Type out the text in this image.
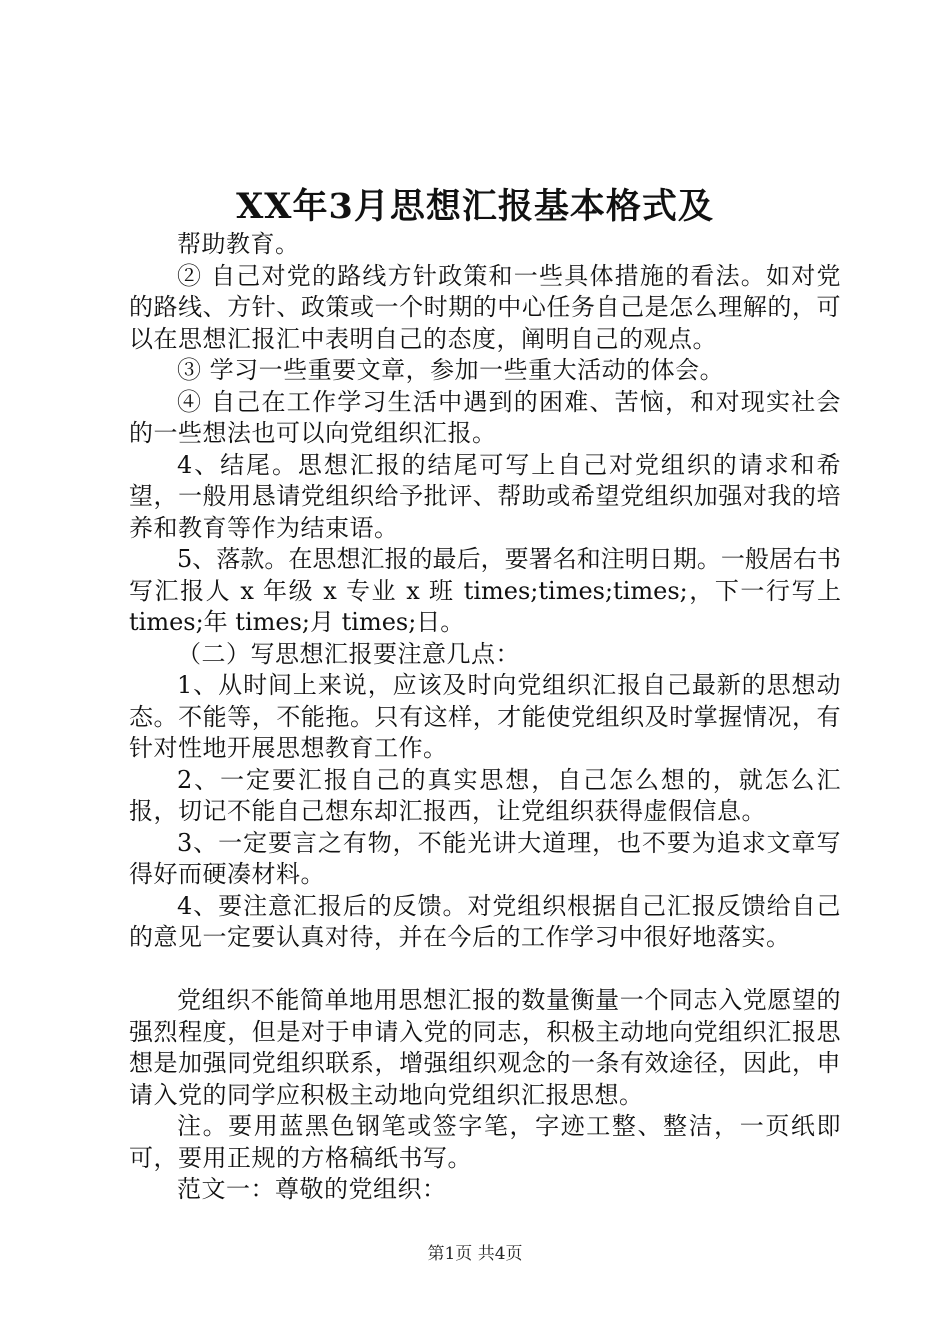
XX年3月思想汇报基本格式及

帮助教育。

② 自己对党的路线方针政策和一些具体措施的看法。如对党的路线、方针、政策或一个时期的中心任务自己是怎么理解的，可以在思想汇报汇中表明自己的态度，阐明自己的观点。

③ 学习一些重要文章，参加一些重大活动的体会。

④ 自己在工作学习生活中遇到的困难、苦恼，和对现实社会的一些想法也可以向党组织汇报。

4、结尾。思想汇报的结尾可写上自己对党组织的请求和希望，一般用恳请党组织给予批评、帮助或希望党组织加强对我的培养和教育等作为结束语。

5、落款。在思想汇报的最后，要署名和注明日期。一般居右书写汇报人 x 年级 x 专业 x 班 times;times;times;，下一行写上 times;年 times;月 times;日。

（二）写思想汇报要注意几点：

1、从时间上来说，应该及时向党组织汇报自己最新的思想动态。不能等，不能拖。只有这样，才能使党组织及时掌握情况，有针对性地开展思想教育工作。

2、一定要汇报自己的真实思想，自己怎么想的，就怎么汇报，切记不能自己想东却汇报西，让党组织获得虚假信息。

3、一定要言之有物，不能光讲大道理，也不要为追求文章写得好而硬凑材料。

4、要注意汇报后的反馈。对党组织根据自己汇报反馈给自己的意见一定要认真对待，并在今后的工作学习中很好地落实。

党组织不能简单地用思想汇报的数量衡量一个同志入党愿望的强烈程度，但是对于申请入党的同志，积极主动地向党组织汇报思想是加强同党组织联系，增强组织观念的一条有效途径，因此，申请入党的同学应积极主动地向党组织汇报思想。

注。要用蓝黑色钢笔或签字笔，字迹工整、整洁，一页纸即可，要用正规的方格稿纸书写。

范文一：尊敬的党组织：

第1页 共4页
